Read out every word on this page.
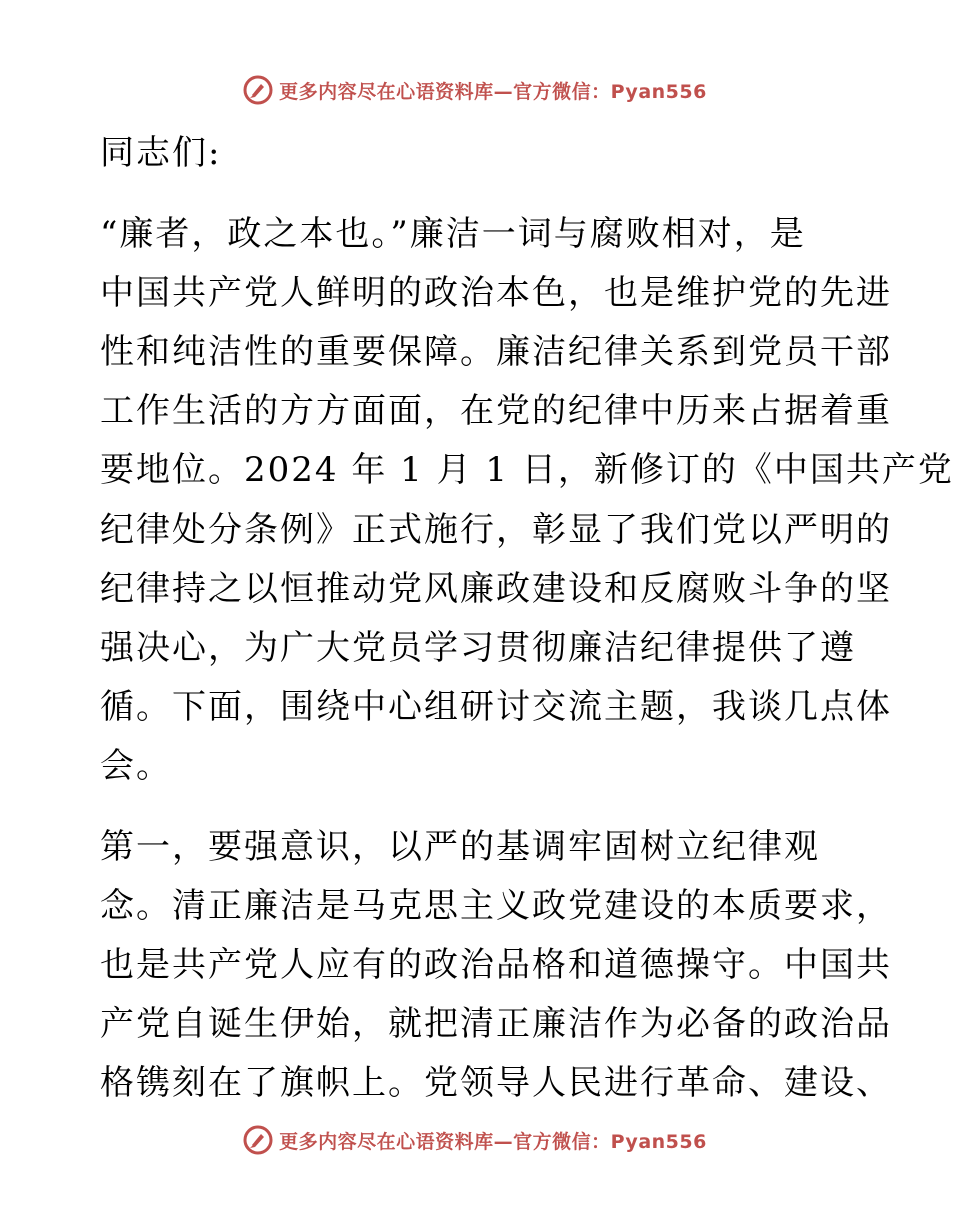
更多内容尽在心语资料库—官方微信：Pyan556
同志们:
“廉者，政之本也。”廉洁一词与腐败相对，是
中国共产党人鲜明的政治本色，也是维护党的先进
性和纯洁性的重要保障。廉洁纪律关系到党员干部
工作生活的方方面面，在党的纪律中历来占据着重
要地位。2024 年 1 月 1 日，新修订的《中国共产党
纪律处分条例》正式施行，彰显了我们党以严明的
纪律持之以恒推动党风廉政建设和反腐败斗争的坚
强决心，为广大党员学习贯彻廉洁纪律提供了遵
循。下面，围绕中心组研讨交流主题，我谈几点体
会。
第一，要强意识，以严的基调牢固树立纪律观
念。清正廉洁是马克思主义政党建设的本质要求，
也是共产党人应有的政治品格和道德操守。中国共
产党自诞生伊始，就把清正廉洁作为必备的政治品
格镌刻在了旗帜上。党领导人民进行革命、建设、
更多内容尽在心语资料库—官方微信：Pyan556
